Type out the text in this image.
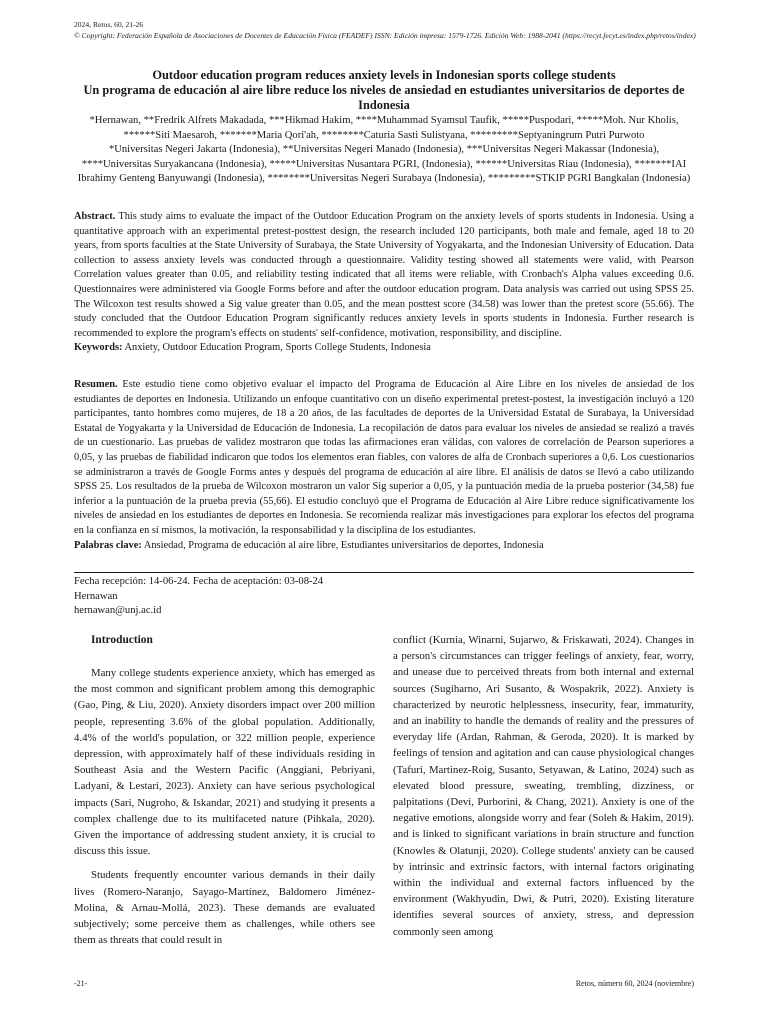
2024, Retos, 60, 21-26
© Copyright: Federación Española de Asociaciones de Docentes de Educación Física (FEADEF) ISSN: Edición impresa: 1579-1726. Edición Web: 1988-2041 (https://recyt.fecyt.es/index.php/retos/index)
Outdoor education program reduces anxiety levels in Indonesian sports college students
Un programa de educación al aire libre reduce los niveles de ansiedad en estudiantes universitarios de deportes de Indonesia
*Hernawan, **Fredrik Alfrets Makadada, ***Hikmad Hakim, ****Muhammad Syamsul Taufik, *****Puspodari, *****Moh. Nur Kholis, ******Siti Maesaroh, *******Maria Qori'ah, ********Caturia Sasti Sulistyana, *********Septyaningrum Putri Purwoto
*Universitas Negeri Jakarta (Indonesia), **Universitas Negeri Manado (Indonesia), ***Universitas Negeri Makassar (Indonesia), ****Universitas Suryakancana (Indonesia), *****Universitas Nusantara PGRI, (Indonesia), ******Universitas Riau (Indonesia), *******IAI Ibrahimy Genteng Banyuwangi (Indonesia), ********Universitas Negeri Surabaya (Indonesia), *********STKIP PGRI Bangkalan (Indonesia)

Abstract. This study aims to evaluate the impact of the Outdoor Education Program on the anxiety levels of sports students in Indonesia. Using a quantitative approach with an experimental pretest-posttest design, the research included 120 participants, both male and female, aged 18 to 20 years, from sports faculties at the State University of Surabaya, the State University of Yogyakarta, and the Indonesian University of Education. Data collection to assess anxiety levels was conducted through a questionnaire. Validity testing showed all statements were valid, with Pearson Correlation values greater than 0.05, and reliability testing indicated that all items were reliable, with Cronbach's Alpha values exceeding 0.6. Questionnaires were administered via Google Forms before and after the outdoor education program. Data analysis was carried out using SPSS 25. The Wilcoxon test results showed a Sig value greater than 0.05, and the mean posttest score (34.58) was lower than the pretest score (55.66). The study concluded that the Outdoor Education Program significantly reduces anxiety levels in sports students in Indonesia. Further research is recommended to explore the program's effects on students' self-confidence, motivation, responsibility, and discipline.

Keywords: Anxiety, Outdoor Education Program, Sports College Students, Indonesia

Resumen. Este estudio tiene como objetivo evaluar el impacto del Programa de Educación al Aire Libre en los niveles de ansiedad de los estudiantes de deportes en Indonesia. Utilizando un enfoque cuantitativo con un diseño experimental pretest-postest, la investigación incluyó a 120 participantes, tanto hombres como mujeres, de 18 a 20 años, de las facultades de deportes de la Universidad Estatal de Surabaya, la Universidad Estatal de Yogyakarta y la Universidad de Educación de Indonesia. La recopilación de datos para evaluar los niveles de ansiedad se realizó a través de un cuestionario. Las pruebas de validez mostraron que todas las afirmaciones eran válidas, con valores de correlación de Pearson superiores a 0,05, y las pruebas de fiabilidad indicaron que todos los elementos eran fiables, con valores de alfa de Cronbach superiores a 0,6. Los cuestionarios se administraron a través de Google Forms antes y después del programa de educación al aire libre. El análisis de datos se llevó a cabo utilizando SPSS 25. Los resultados de la prueba de Wilcoxon mostraron un valor Sig superior a 0,05, y la puntuación media de la prueba posterior (34,58) fue inferior a la puntuación de la prueba previa (55,66). El estudio concluyó que el Programa de Educación al Aire Libre reduce significativamente los niveles de ansiedad en los estudiantes de deportes en Indonesia. Se recomienda realizar más investigaciones para explorar los efectos del programa en la confianza en sí mismos, la motivación, la responsabilidad y la disciplina de los estudiantes.

Palabras clave: Ansiedad, Programa de educación al aire libre, Estudiantes universitarios de deportes, Indonesia

Fecha recepción: 14-06-24. Fecha de aceptación: 03-08-24
Hernawan
hernawan@unj.ac.id
Introduction

Many college students experience anxiety, which has emerged as the most common and significant problem among this demographic (Gao, Ping, & Liu, 2020). Anxiety disorders impact over 200 million people, representing 3.6% of the global population. Additionally, 4.4% of the world's population, or 322 million people, experience depression, with approximately half of these individuals residing in Southeast Asia and the Western Pacific (Anggiani, Pebriyani, Ladyani, & Lestari, 2023). Anxiety can have serious psychological impacts (Sari, Nugroho, & Iskandar, 2021) and studying it presents a complex challenge due to its multifaceted nature (Pihkala, 2020). Given the importance of addressing student anxiety, it is crucial to discuss this issue.

Students frequently encounter various demands in their daily lives (Romero-Naranjo, Sayago-Martínez, Baldomero Jiménez-Molina, & Arnau-Mollá, 2023). These demands are evaluated subjectively; some perceive them as challenges, while others see them as threats that could result in

conflict (Kurnia, Winarni, Sujarwo, & Friskawati, 2024). Changes in a person's circumstances can trigger feelings of anxiety, fear, worry, and unease due to perceived threats from both internal and external sources (Sugiharno, Ari Susanto, & Wospakrik, 2022). Anxiety is characterized by neurotic helplessness, insecurity, fear, immaturity, and an inability to handle the demands of reality and the pressures of everyday life (Ardan, Rahman, & Geroda, 2020). It is marked by feelings of tension and agitation and can cause physiological changes (Tafuri, Martinez-Roig, Susanto, Setyawan, & Latino, 2024) such as elevated blood pressure, sweating, trembling, dizziness, or palpitations (Devi, Purborini, & Chang, 2021). Anxiety is one of the negative emotions, alongside worry and fear (Soleh & Hakim, 2019). and is linked to significant variations in brain structure and function (Knowles & Olatunji, 2020). College students' anxiety can be caused by intrinsic and extrinsic factors, with internal factors originating within the individual and external factors influenced by the environment (Wakhyudin, Dwi, & Putri, 2020). Existing literature identifies several sources of anxiety, stress, and depression commonly seen among

-21-	Retos, número 60, 2024 (noviembre)
